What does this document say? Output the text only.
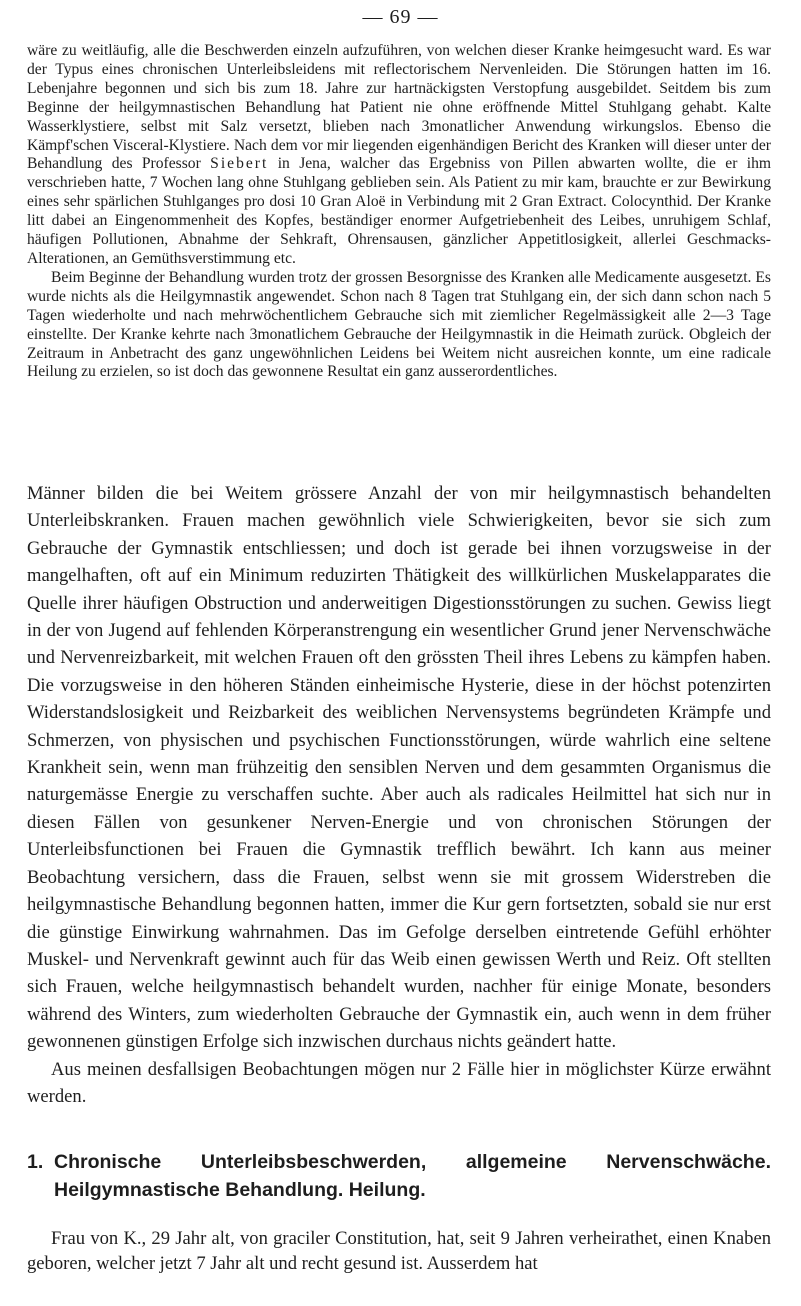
— 69 —

wäre zu weitläufig, alle die Beschwerden einzeln aufzuführen, von welchen dieser Kranke heimgesucht ward. Es war der Typus eines chronischen Unterleibsleidens mit reflectorischem Nervenleiden. Die Störungen hatten im 16. Lebenjahre begonnen und sich bis zum 18. Jahre zur hartnäckigsten Verstopfung ausgebildet. Seitdem bis zum Beginne der heilgymnastischen Behandlung hat Patient nie ohne eröffnende Mittel Stuhlgang gehabt. Kalte Wasserklystiere, selbst mit Salz versetzt, blieben nach 3monatlicher Anwendung wirkungslos. Ebenso die Kämpf'schen Visceral-Klystiere. Nach dem vor mir liegenden eigenhändigen Bericht des Kranken will dieser unter der Behandlung des Professor Siebert in Jena, walcher das Ergebniss von Pillen abwarten wollte, die er ihm verschrieben hatte, 7 Wochen lang ohne Stuhlgang geblieben sein. Als Patient zu mir kam, brauchte er zur Bewirkung eines sehr spärlichen Stuhlganges pro dosi 10 Gran Aloë in Verbindung mit 2 Gran Extract. Colocynthid. Der Kranke litt dabei an Eingenommenheit des Kopfes, beständiger enormer Aufgetriebenheit des Leibes, unruhigem Schlaf, häufigen Pollutionen, Abnahme der Sehkraft, Ohrensausen, gänzlicher Appetitlosigkeit, allerlei Geschmacks-Alterationen, an Gemüthsverstimmung etc.

Beim Beginne der Behandlung wurden trotz der grossen Besorgnisse des Kranken alle Medicamente ausgesetzt. Es wurde nichts als die Heilgymnastik angewendet. Schon nach 8 Tagen trat Stuhlgang ein, der sich dann schon nach 5 Tagen wiederholte und nach mehrwöchentlichem Gebrauche sich mit ziemlicher Regelmässigkeit alle 2—3 Tage einstellte. Der Kranke kehrte nach 3monatlichem Gebrauche der Heilgymnastik in die Heimath zurück. Obgleich der Zeitraum in Anbetracht des ganz ungewöhnlichen Leidens bei Weitem nicht ausreichen konnte, um eine radicale Heilung zu erzielen, so ist doch das gewonnene Resultat ein ganz ausserordentliches.

Männer bilden die bei Weitem grössere Anzahl der von mir heilgymnastisch behandelten Unterleibskranken. Frauen machen gewöhnlich viele Schwierigkeiten, bevor sie sich zum Gebrauche der Gymnastik entschliessen; und doch ist gerade bei ihnen vorzugsweise in der mangelhaften, oft auf ein Minimum reduzirten Thätigkeit des willkürlichen Muskelapparates die Quelle ihrer häufigen Obstruction und anderweitigen Digestionsstörungen zu suchen. Gewiss liegt in der von Jugend auf fehlenden Körperanstrengung ein wesentlicher Grund jener Nervenschwäche und Nervenreizbarkeit, mit welchen Frauen oft den grössten Theil ihres Lebens zu kämpfen haben. Die vorzugsweise in den höheren Ständen einheimische Hysterie, diese in der höchst potenzirten Widerstandslosigkeit und Reizbarkeit des weiblichen Nervensystems begründeten Krämpfe und Schmerzen, von physischen und psychischen Functionsstörungen, würde wahrlich eine seltene Krankheit sein, wenn man frühzeitig den sensiblen Nerven und dem gesammten Organismus die naturgemässe Energie zu verschaffen suchte. Aber auch als radicales Heilmittel hat sich nur in diesen Fällen von gesunkener Nerven-Energie und von chronischen Störungen der Unterleibsfunctionen bei Frauen die Gymnastik trefflich bewährt. Ich kann aus meiner Beobachtung versichern, dass die Frauen, selbst wenn sie mit grossem Widerstreben die heilgymnastische Behandlung begonnen hatten, immer die Kur gern fortsetzten, sobald sie nur erst die günstige Einwirkung wahrnahmen. Das im Gefolge derselben eintretende Gefühl erhöhter Muskel- und Nervenkraft gewinnt auch für das Weib einen gewissen Werth und Reiz. Oft stellten sich Frauen, welche heilgymnastisch behandelt wurden, nachher für einige Monate, besonders während des Winters, zum wiederholten Gebrauche der Gymnastik ein, auch wenn in dem früher gewonnenen günstigen Erfolge sich inzwischen durchaus nichts geändert hatte.

Aus meinen desfallsigen Beobachtungen mögen nur 2 Fälle hier in möglichster Kürze erwähnt werden.

1. Chronische Unterleibsbeschwerden, allgemeine Nervenschwäche. Heilgymnastische Behandlung. Heilung.

Frau von K., 29 Jahr alt, von graciler Constitution, hat, seit 9 Jahren verheirathet, einen Knaben geboren, welcher jetzt 7 Jahr alt und recht gesund ist. Ausserdem hat
